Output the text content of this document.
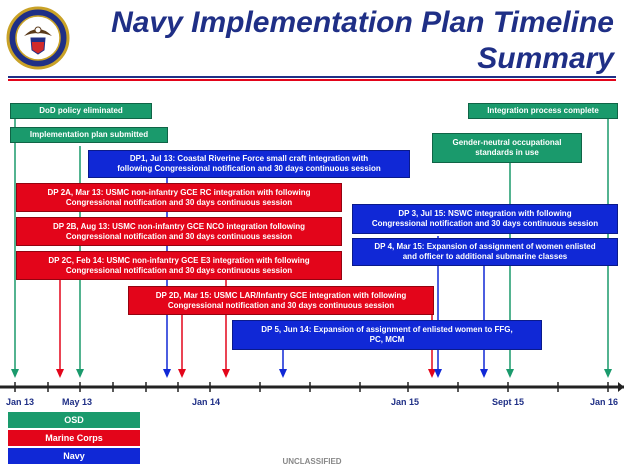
Navy Implementation Plan Timeline
Summary
DoD policy eliminated
Implementation plan submitted
Integration process complete
Gender-neutral occupational
standards in use
DP1, Jul 13: Coastal Riverine Force small craft integration with
following Congressional notification and 30 days continuous session
DP 3, Jul 15: NSWC integration with following
Congressional notification and 30 days continuous session
DP 4, Mar 15: Expansion of assignment of women enlisted
and officer to additional submarine classes
DP 5, Jun 14: Expansion of assignment of enlisted women to FFG,
PC, MCM
DP 2A, Mar 13: USMC non-infantry GCE RC integration with following
Congressional notification and 30 days continuous session
DP 2B, Aug 13: USMC non-infantry GCE NCO integration following
Congressional notification and 30 days continuous session
DP 2C, Feb 14: USMC non-infantry GCE E3 integration with following
Congressional notification and 30 days continuous session
DP 2D, Mar 15: USMC LAR/Infantry GCE integration with following
Congressional notification and 30 days continuous session
Jan 13	May 13	Jan 14	Jan 15	Sept 15	Jan 16
OSD
Marine Corps
Navy
UNCLASSIFIED
